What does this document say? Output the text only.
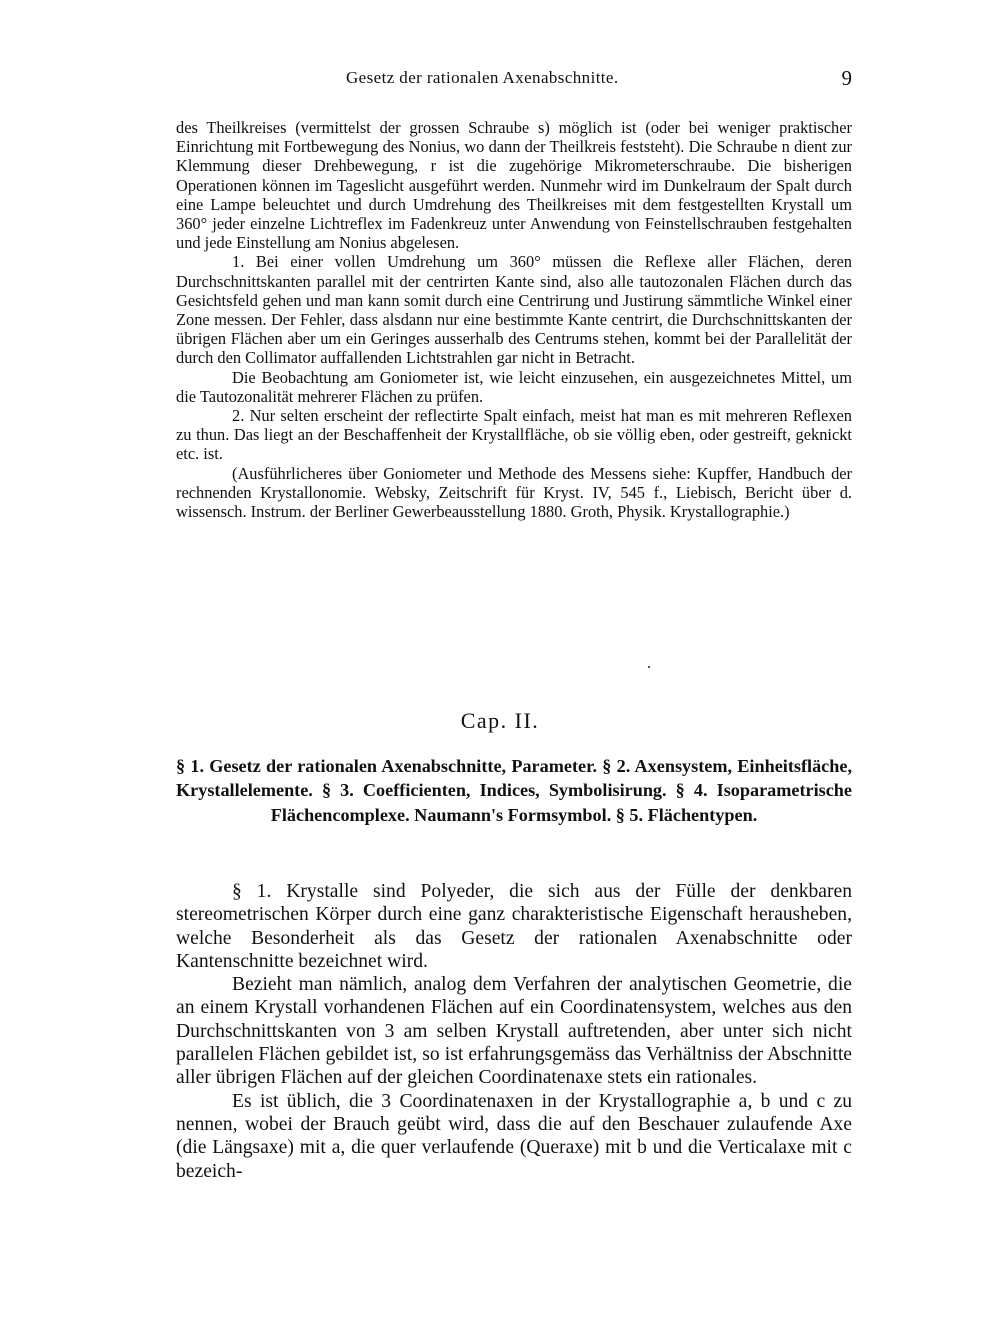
Gesetz der rationalen Axenabschnitte.	9

des Theilkreises (vermittelst der grossen Schraube s) möglich ist (oder bei weniger praktischer Einrichtung mit Fortbewegung des Nonius, wo dann der Theilkreis feststeht). Die Schraube n dient zur Klemmung dieser Drehbewegung, r ist die zugehörige Mikrometerschraube. Die bisherigen Operationen können im Tageslicht ausgeführt werden. Nunmehr wird im Dunkelraum der Spalt durch eine Lampe beleuchtet und durch Umdrehung des Theilkreises mit dem festgestellten Krystall um 360° jeder einzelne Lichtreflex im Fadenkreuz unter Anwendung von Feinstellschrauben festgehalten und jede Einstellung am Nonius abgelesen.

1. Bei einer vollen Umdrehung um 360° müssen die Reflexe aller Flächen, deren Durchschnittskanten parallel mit der centrirten Kante sind, also alle tautozonalen Flächen durch das Gesichtsfeld gehen und man kann somit durch eine Centrirung und Justirung sämmtliche Winkel einer Zone messen. Der Fehler, dass alsdann nur eine bestimmte Kante centrirt, die Durchschnittskanten der übrigen Flächen aber um ein Geringes ausserhalb des Centrums stehen, kommt bei der Parallelität der durch den Collimator auffallenden Lichtstrahlen gar nicht in Betracht.

Die Beobachtung am Goniometer ist, wie leicht einzusehen, ein ausgezeichnetes Mittel, um die Tautozonalität mehrerer Flächen zu prüfen.

2. Nur selten erscheint der reflectirte Spalt einfach, meist hat man es mit mehreren Reflexen zu thun. Das liegt an der Beschaffenheit der Krystallfläche, ob sie völlig eben, oder gestreift, geknickt etc. ist.

(Ausführlicheres über Goniometer und Methode des Messens siehe: Kupffer, Handbuch der rechnenden Krystallonomie. Websky, Zeitschrift für Kryst. IV, 545 f., Liebisch, Bericht über d. wissensch. Instrum. der Berliner Gewerbeausstellung 1880. Groth, Physik. Krystallographie.)

Cap. II.
§ 1. Gesetz der rationalen Axenabschnitte, Parameter. § 2. Axensystem, Einheitsfläche, Krystallelemente. § 3. Coefficienten, Indices, Symbolisirung. § 4. Isoparametrische Flächencomplexe. Naumann's Formsymbol. § 5. Flächentypen.

§ 1. Krystalle sind Polyeder, die sich aus der Fülle der denkbaren stereometrischen Körper durch eine ganz charakteristische Eigenschaft herausheben, welche Besonderheit als das Gesetz der rationalen Axenabschnitte oder Kantenschnitte bezeichnet wird.

Bezieht man nämlich, analog dem Verfahren der analytischen Geometrie, die an einem Krystall vorhandenen Flächen auf ein Coordinatensystem, welches aus den Durchschnittskanten von 3 am selben Krystall auftretenden, aber unter sich nicht parallelen Flächen gebildet ist, so ist erfahrungsgemäss das Verhältniss der Abschnitte aller übrigen Flächen auf der gleichen Coordinatenaxe stets ein rationales.

Es ist üblich, die 3 Coordinatenaxen in der Krystallographie a, b und c zu nennen, wobei der Brauch geübt wird, dass die auf den Beschauer zulaufende Axe (die Längsaxe) mit a, die quer verlaufende (Queraxe) mit b und die Verticalaxe mit c bezeich-
